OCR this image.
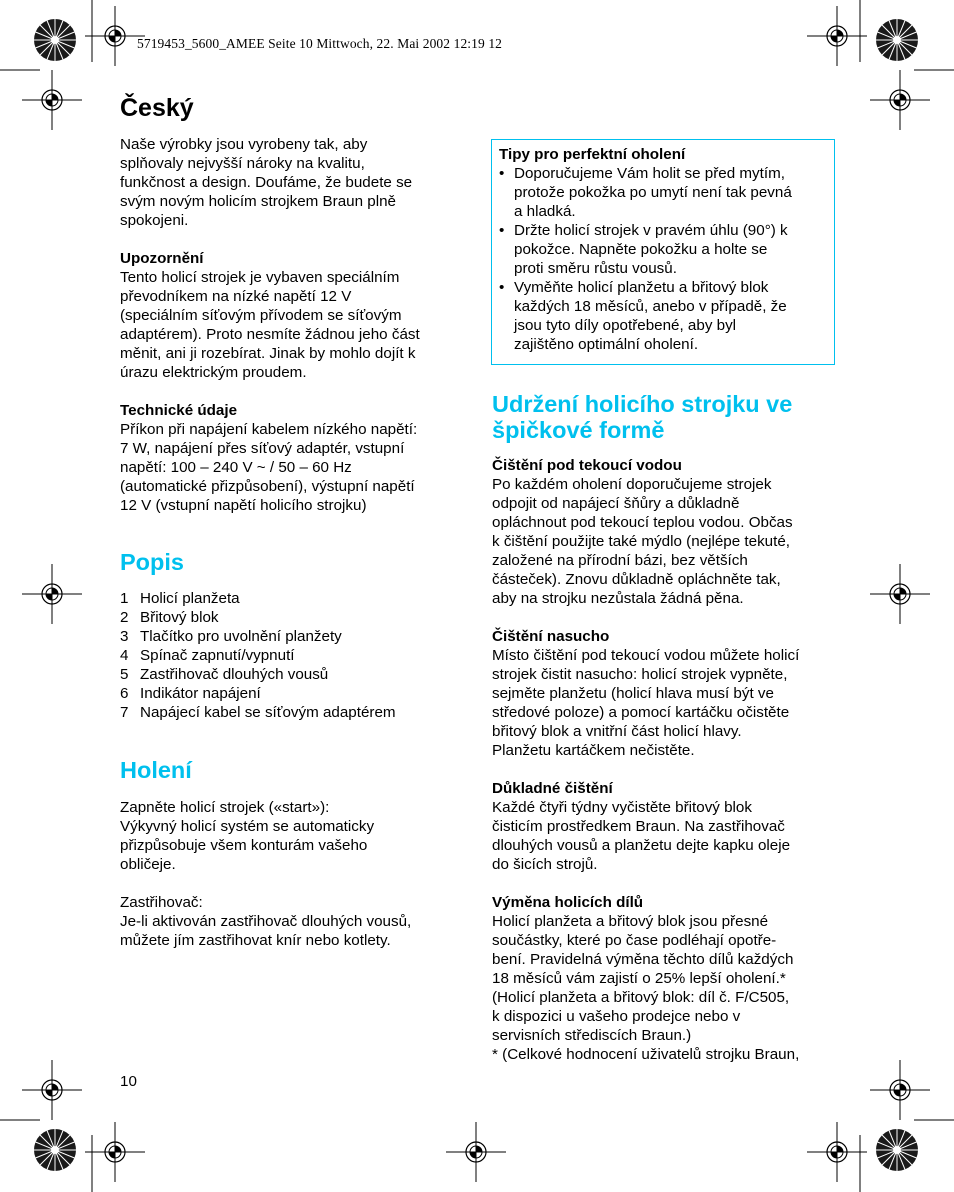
5719453_5600_AMEE Seite 10 Mittwoch, 22. Mai 2002 12:19 12
Český

Naše výrobky jsou vyrobeny tak, aby

splňovaly nejvyšší nároky na kvalitu,

funkčnost a design. Doufáme, že budete se

svým novým holicím strojkem Braun plně

spokojeni.

Upozornění

Tento holicí strojek je vybaven speciálním

převodníkem na nízké napětí 12 V

(speciálním síťovým přívodem se síťovým

adaptérem). Proto nesmíte žádnou jeho část

měnit, ani ji rozebírat. Jinak by mohlo dojít k

úrazu elektrickým proudem.

Technické údaje

Příkon při napájení kabelem nízkého napětí:

7 W, napájení přes síťový adaptér, vstupní

napětí: 100 – 240 V ~ / 50 – 60 Hz

(automatické přizpůsobení), výstupní napětí

12 V (vstupní napětí holicího strojku)

Popis
1 Holicí planžeta
2 Břitový blok
3 Tlačítko pro uvolnění planžety
4 Spínač zapnutí/vypnutí
5 Zastřihovač dlouhých vousů
6 Indikátor napájení
7 Napájecí kabel se síťovým adaptérem
Holení

Zapněte holicí strojek («start»):

Výkyvný holicí systém se automaticky

přizpůsobuje všem konturám vašeho

obličeje.

Zastřihovač:

Je-li aktivován zastřihovač dlouhých vousů,

můžete jím zastřihovat knír nebo kotlety.

Tipy pro perfektní oholení

• Doporučujeme Vám holit se před mytím,
protože pokožka po umytí není tak pevná
a hladká.
• Držte holicí strojek v pravém úhlu (90°) k
pokožce. Napněte pokožku a holte se
proti směru růstu vousů.
• Vyměňte holicí planžetu a břitový blok
každých 18 měsíců, anebo v případě, že
jsou tyto díly opotřebené, aby byl
zajištěno optimální oholení.
Udržení holicího strojku ve
špičkové formě

Čištění pod tekoucí vodou

Po každém oholení doporučujeme strojek

odpojit od napájecí šňůry a důkladně

opláchnout pod tekoucí teplou vodou. Občas

k čištění použijte také mýdlo (nejlépe tekuté,

založené na přírodní bázi, bez větších

částeček). Znovu důkladně opláchněte tak,

aby na strojku nezůstala žádná pěna.

Čištění nasucho

Místo čištění pod tekoucí vodou můžete holicí

strojek čistit nasucho: holicí strojek vypněte,

sejměte planžetu (holicí hlava musí být ve

středové poloze) a pomocí kartáčku očistěte

břitový blok a vnitřní část holicí hlavy.

Planžetu kartáčkem nečistěte.

Důkladné čištění

Každé čtyři týdny vyčistěte břitový blok

čisticím prostředkem Braun. Na zastřihovač

dlouhých vousů a planžetu dejte kapku oleje

do šicích strojů.

Výměna holicích dílů

Holicí planžeta a břitový blok jsou přesné

součástky, které po čase podléhají opotře-

bení. Pravidelná výměna těchto dílů každých

18 měsíců vám zajistí o 25% lepší oholení.*

(Holicí planžeta a břitový blok: díl č. F/C505,

k dispozici u vašeho prodejce nebo v

servisních střediscích Braun.)

* (Celkové hodnocení uživatelů strojku Braun,

10
